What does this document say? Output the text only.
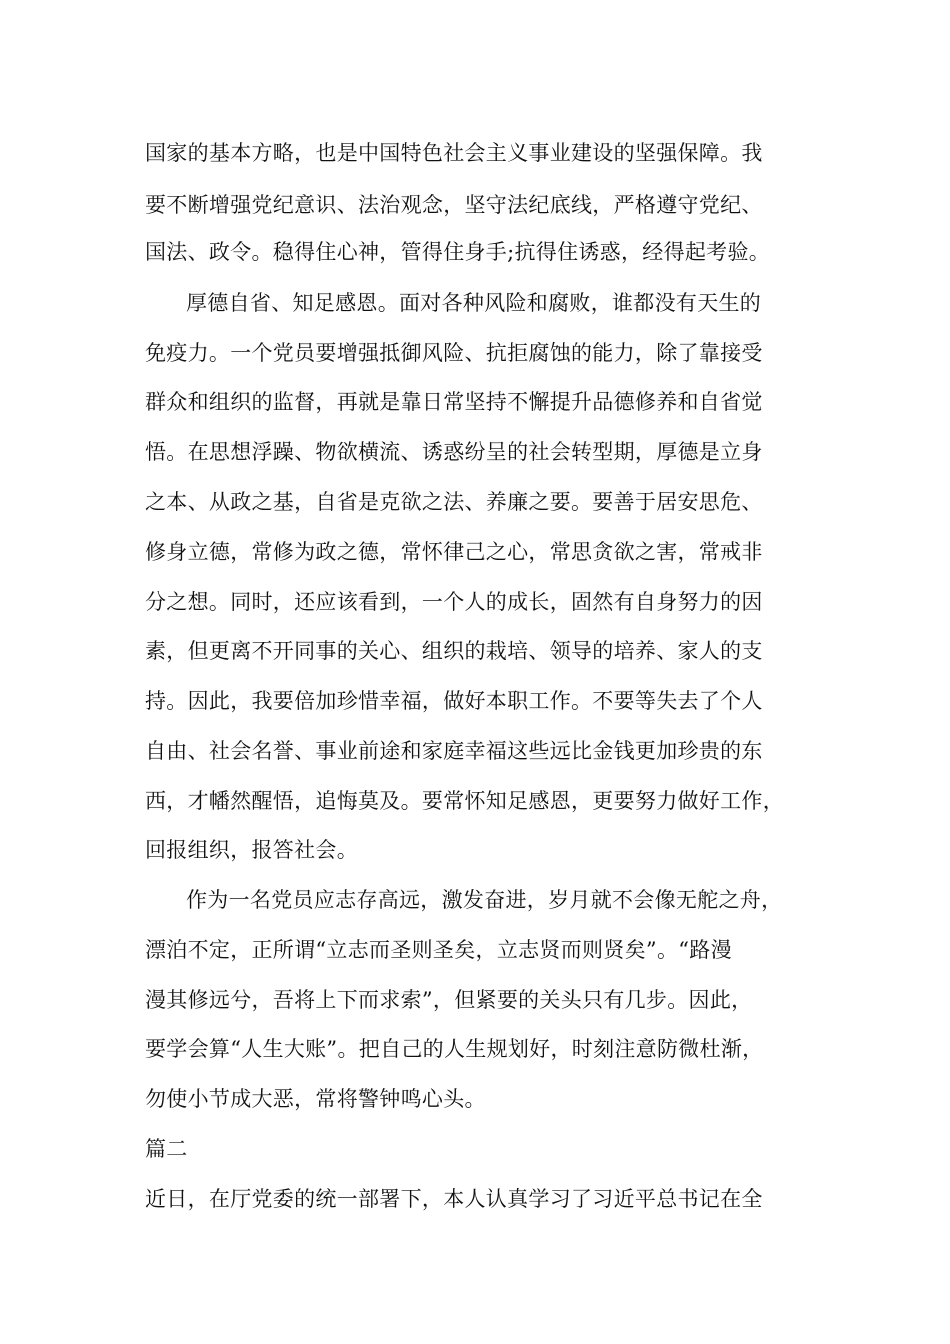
国家的基本方略，也是中国特色社会主义事业建设的坚强保障。我
要不断增强党纪意识、法治观念，坚守法纪底线，严格遵守党纪、
国法、政令。稳得住心神，管得住身手;抗得住诱惑，经得起考验。
厚德自省、知足感恩。面对各种风险和腐败，谁都没有天生的
免疫力。一个党员要增强抵御风险、抗拒腐蚀的能力，除了靠接受
群众和组织的监督，再就是靠日常坚持不懈提升品德修养和自省觉
悟。在思想浮躁、物欲横流、诱惑纷呈的社会转型期，厚德是立身
之本、从政之基，自省是克欲之法、养廉之要。要善于居安思危、
修身立德，常修为政之德，常怀律己之心，常思贪欲之害，常戒非
分之想。同时，还应该看到，一个人的成长，固然有自身努力的因
素，但更离不开同事的关心、组织的栽培、领导的培养、家人的支
持。因此，我要倍加珍惜幸福，做好本职工作。不要等失去了个人
自由、社会名誉、事业前途和家庭幸福这些远比金钱更加珍贵的东
西，才幡然醒悟，追悔莫及。要常怀知足感恩，更要努力做好工作，
回报组织，报答社会。
作为一名党员应志存高远，激发奋进，岁月就不会像无舵之舟，
漂泊不定，正所谓“立志而圣则圣矣，立志贤而则贤矣”。“路漫
漫其修远兮，吾将上下而求索”，但紧要的关头只有几步。因此，
要学会算“人生大账”。把自己的人生规划好，时刻注意防微杜渐，
勿使小节成大恶，常将警钟鸣心头。
篇二
近日，在厅党委的统一部署下，本人认真学习了习近平总书记在全
